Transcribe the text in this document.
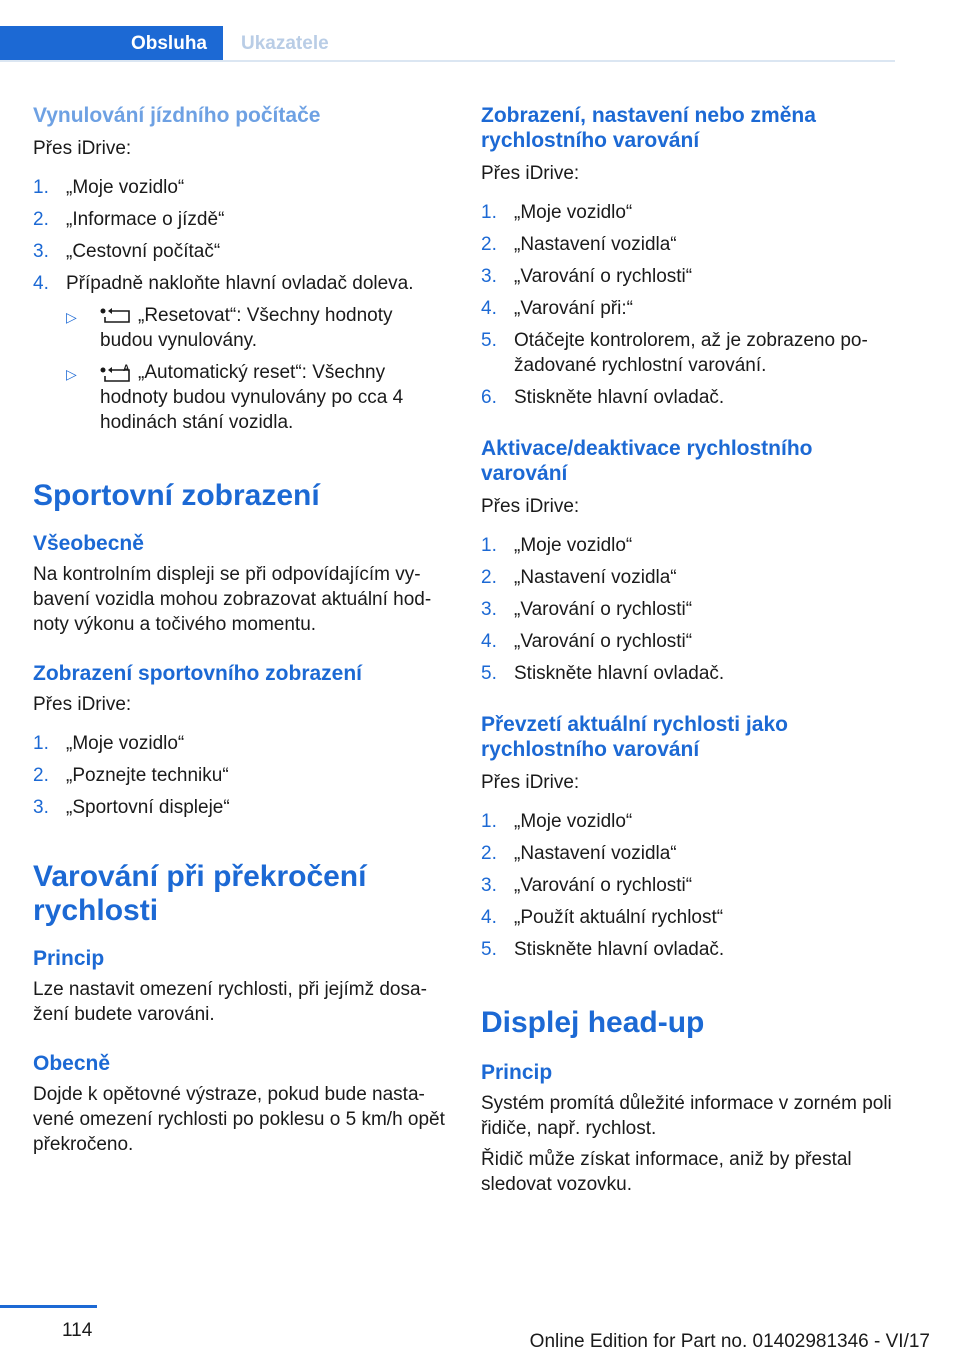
Obsluha	Ukazatele
Vynulování jízdního počítače
Přes iDrive:
1. „Moje vozidlo“
2. „Informace o jízdě“
3. „Cestovní počítač“
4. Případně nakloňte hlavní ovladač doleva.
▷	„Resetovat“: Všechny hodnoty budou vynulovány.
▷	A „Automatický reset“: Všechny hodnoty budou vynulovány po cca 4 hodinách stání vozidla.
Sportovní zobrazení
Všeobecně
Na kontrolním displeji se při odpovídajícím vybavení vozidla mohou zobrazovat aktuální hodnoty výkonu a točivého momentu.
Zobrazení sportovního zobrazení
Přes iDrive:
1. „Moje vozidlo“
2. „Poznejte techniku“
3. „Sportovní displeje“
Varování při překročení rychlosti
Princip
Lze nastavit omezení rychlosti, při jejímž dosažení budete varováni.
Obecně
Dojde k opětovné výstraze, pokud bude nastavené omezení rychlosti po poklesu o 5 km/h opět překročeno.
Zobrazení, nastavení nebo změna rychlostního varování
Přes iDrive:
1. „Moje vozidlo“
2. „Nastavení vozidla“
3. „Varování o rychlosti“
4. „Varování při:“
5. Otáčejte kontrolorem, až je zobrazeno požadované rychlostní varování.
6. Stiskněte hlavní ovladač.
Aktivace/deaktivace rychlostního varování
Přes iDrive:
1. „Moje vozidlo“
2. „Nastavení vozidla“
3. „Varování o rychlosti“
4. „Varování o rychlosti“
5. Stiskněte hlavní ovladač.
Převzetí aktuální rychlosti jako rychlostního varování
Přes iDrive:
1. „Moje vozidlo“
2. „Nastavení vozidla“
3. „Varování o rychlosti“
4. „Použít aktuální rychlost“
5. Stiskněte hlavní ovladač.
Displej head-up
Princip
Systém promítá důležité informace v zorném poli řidiče, např. rychlost.
Řidič může získat informace, aniž by přestal sledovat vozovku.
114
Online Edition for Part no. 01402981346 - VI/17
